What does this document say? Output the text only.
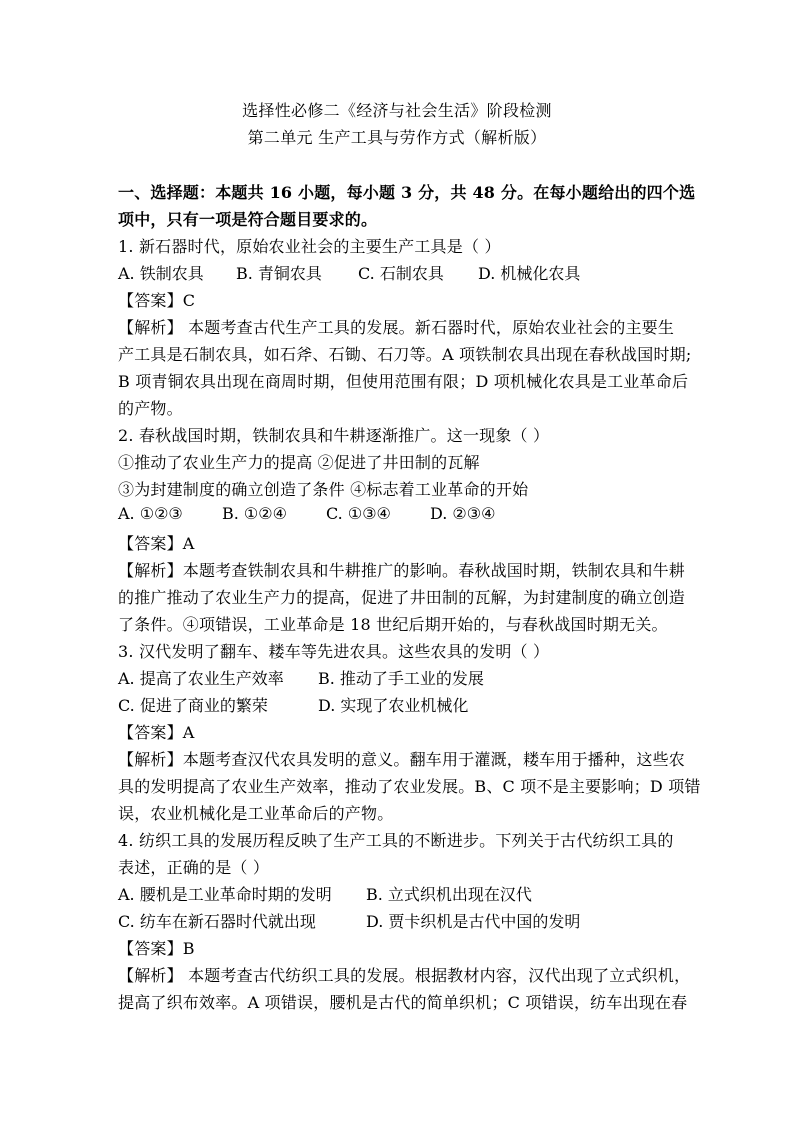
选择性必修二《经济与社会生活》阶段检测
第二单元 生产工具与劳作方式（解析版）
一、选择题：本题共 16 小题，每小题 3 分，共 48 分。在每小题给出的四个选
项中，只有一项是符合题目要求的。
1. 新石器时代，原始农业社会的主要生产工具是（ ）
A. 铁制农具 B. 青铜农具 C. 石制农具 D. 机械化农具
【答案】C
【解析】 本题考查古代生产工具的发展。新石器时代，原始农业社会的主要生
产工具是石制农具，如石斧、石锄、石刀等。A 项铁制农具出现在春秋战国时期;
B 项青铜农具出现在商周时期，但使用范围有限；D 项机械化农具是工业革命后
的产物。
2. 春秋战国时期，铁制农具和牛耕逐渐推广。这一现象（ ）
①推动了农业生产力的提高 ②促进了井田制的瓦解
③为封建制度的确立创造了条件 ④标志着工业革命的开始
A. ①②③ B. ①②④ C. ①③④ D. ②③④
【答案】A
【解析】本题考查铁制农具和牛耕推广的影响。春秋战国时期，铁制农具和牛耕
的推广推动了农业生产力的提高，促进了井田制的瓦解，为封建制度的确立创造
了条件。④项错误，工业革命是 18 世纪后期开始的，与春秋战国时期无关。
3. 汉代发明了翻车、耧车等先进农具。这些农具的发明（ ）
A. 提高了农业生产效率 B. 推动了手工业的发展
C. 促进了商业的繁荣	D. 实现了农业机械化
【答案】A
【解析】本题考查汉代农具发明的意义。翻车用于灌溉，耧车用于播种，这些农
具的发明提高了农业生产效率，推动了农业发展。B、C 项不是主要影响；D 项错
误，农业机械化是工业革命后的产物。
4. 纺织工具的发展历程反映了生产工具的不断进步。下列关于古代纺织工具的
表述，正确的是（ ）
A. 腰机是工业革命时期的发明 B. 立式织机出现在汉代
C. 纺车在新石器时代就出现	D. 贾卡织机是古代中国的发明
【答案】B
【解析】 本题考查古代纺织工具的发展。根据教材内容，汉代出现了立式织机，
提高了织布效率。A 项错误，腰机是古代的简单织机；C 项错误，纺车出现在春
